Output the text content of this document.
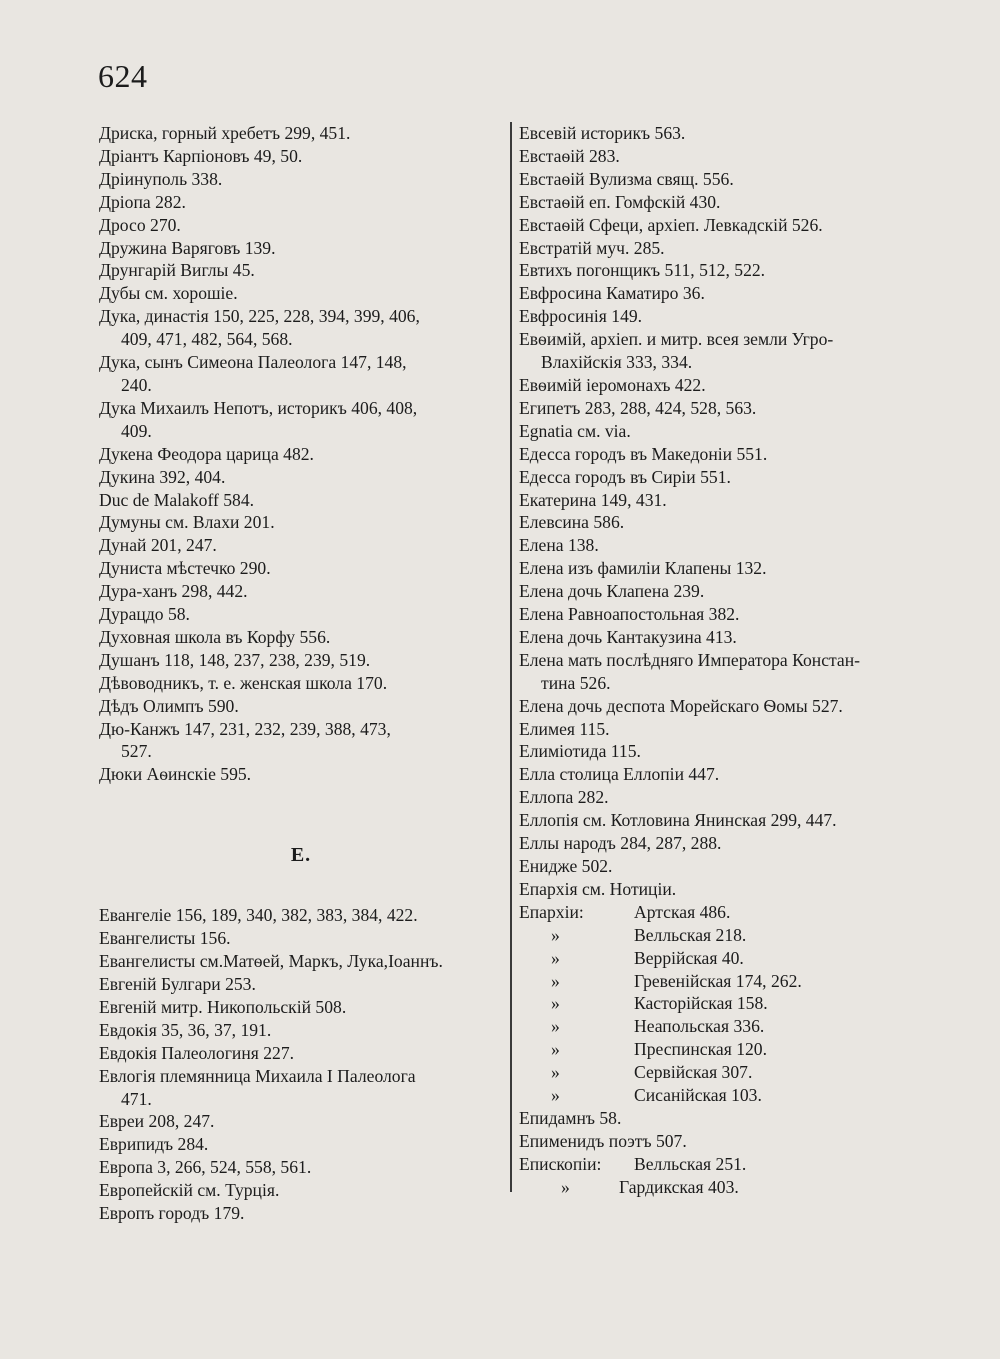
624
Дриска, горный хребетъ 299, 451.
Дріантъ Карпіоновъ 49, 50.
Дріинуполь 338.
Дріопа 282.
Дросо 270.
Дружина Варяговъ 139.
Друнгарій Виглы 45.
Дубы см. хорошіе.
Дука, династія 150, 225, 228, 394, 399, 406,
409, 471, 482, 564, 568.
Дука, сынъ Симеона Палеолога 147, 148,
240.
Дука Михаилъ Непотъ, историкъ 406, 408,
409.
Дукена Феодора царица 482.
Дукина 392, 404.
Duc de Malakoff 584.
Думуны см. Влахи 201.
Дунай 201, 247.
Дуниста мѣстечко 290.
Дура-ханъ 298, 442.
Дурацдо 58.
Духовная школа въ Корфу 556.
Душанъ 118, 148, 237, 238, 239, 519.
Дѣвоводникъ, т. е. женская школа 170.
Дѣдъ Олимпъ 590.
Дю-Канжъ 147, 231, 232, 239, 388, 473,
527.
Дюки Аѳинскіе 595.
Е.
Евангеліе 156, 189, 340, 382, 383, 384, 422.
Евангелисты 156.
Евангелисты см.Матѳей, Маркъ, Лука,Іоаннъ.
Евгеній Булгари 253.
Евгеній митр. Никопольскій 508.
Евдокія 35, 36, 37, 191.
Евдокія Палеологиня 227.
Евлогія племянница Михаила I Палеолога
471.
Евреи 208, 247.
Еврипидъ 284.
Европа 3, 266, 524, 558, 561.
Европейскій см. Турція.
Европъ городъ 179.
Евсевій историкъ 563.
Евстаѳій 283.
Евстаѳій Вулизма свящ. 556.
Евстаѳій еп. Гомфскій 430.
Евстаѳій Сфеци, архіеп. Левкадскій 526.
Евстратій муч. 285.
Евтихъ погонщикъ 511, 512, 522.
Евфросина Каматиро 36.
Евфросинія 149.
Евѳимій, архіеп. и митр. всея земли Угро-
Влахійскія 333, 334.
Евѳимій іеромонахъ 422.
Египетъ 283, 288, 424, 528, 563.
Egnatia см. via.
Едесса городъ въ Македоніи 551.
Едесса городъ въ Сиріи 551.
Екатерина 149, 431.
Елевсина 586.
Елена 138.
Елена изъ фамиліи Клапены 132.
Елена дочь Клапена 239.
Елена Равноапостольная 382.
Елена дочь Кантакузина 413.
Елена мать послѣдняго Императора Констан-
тина 526.
Елена дочь деспота Морейскаго Ѳомы 527.
Елимея 115.
Елиміотида 115.
Елла столица Еллопіи 447.
Еллопа 282.
Еллопія см. Котловина Янинская 299, 447.
Еллы народъ 284, 287, 288.
Енидже 502.
Епархія см. Нотиціи.
Епархіи:	Артская 486.
»	Велльская 218.
»	Веррійская 40.
»	Гревенійская 174, 262.
»	Касторійская 158.
»	Неапольская 336.
»	Преспинская 120.
»	Сервійская 307.
»	Сисанійская 103.
Епидамнъ 58.
Епименидъ поэтъ 507.
Епископіи:	Велльская 251.
»	Гардикская 403.
